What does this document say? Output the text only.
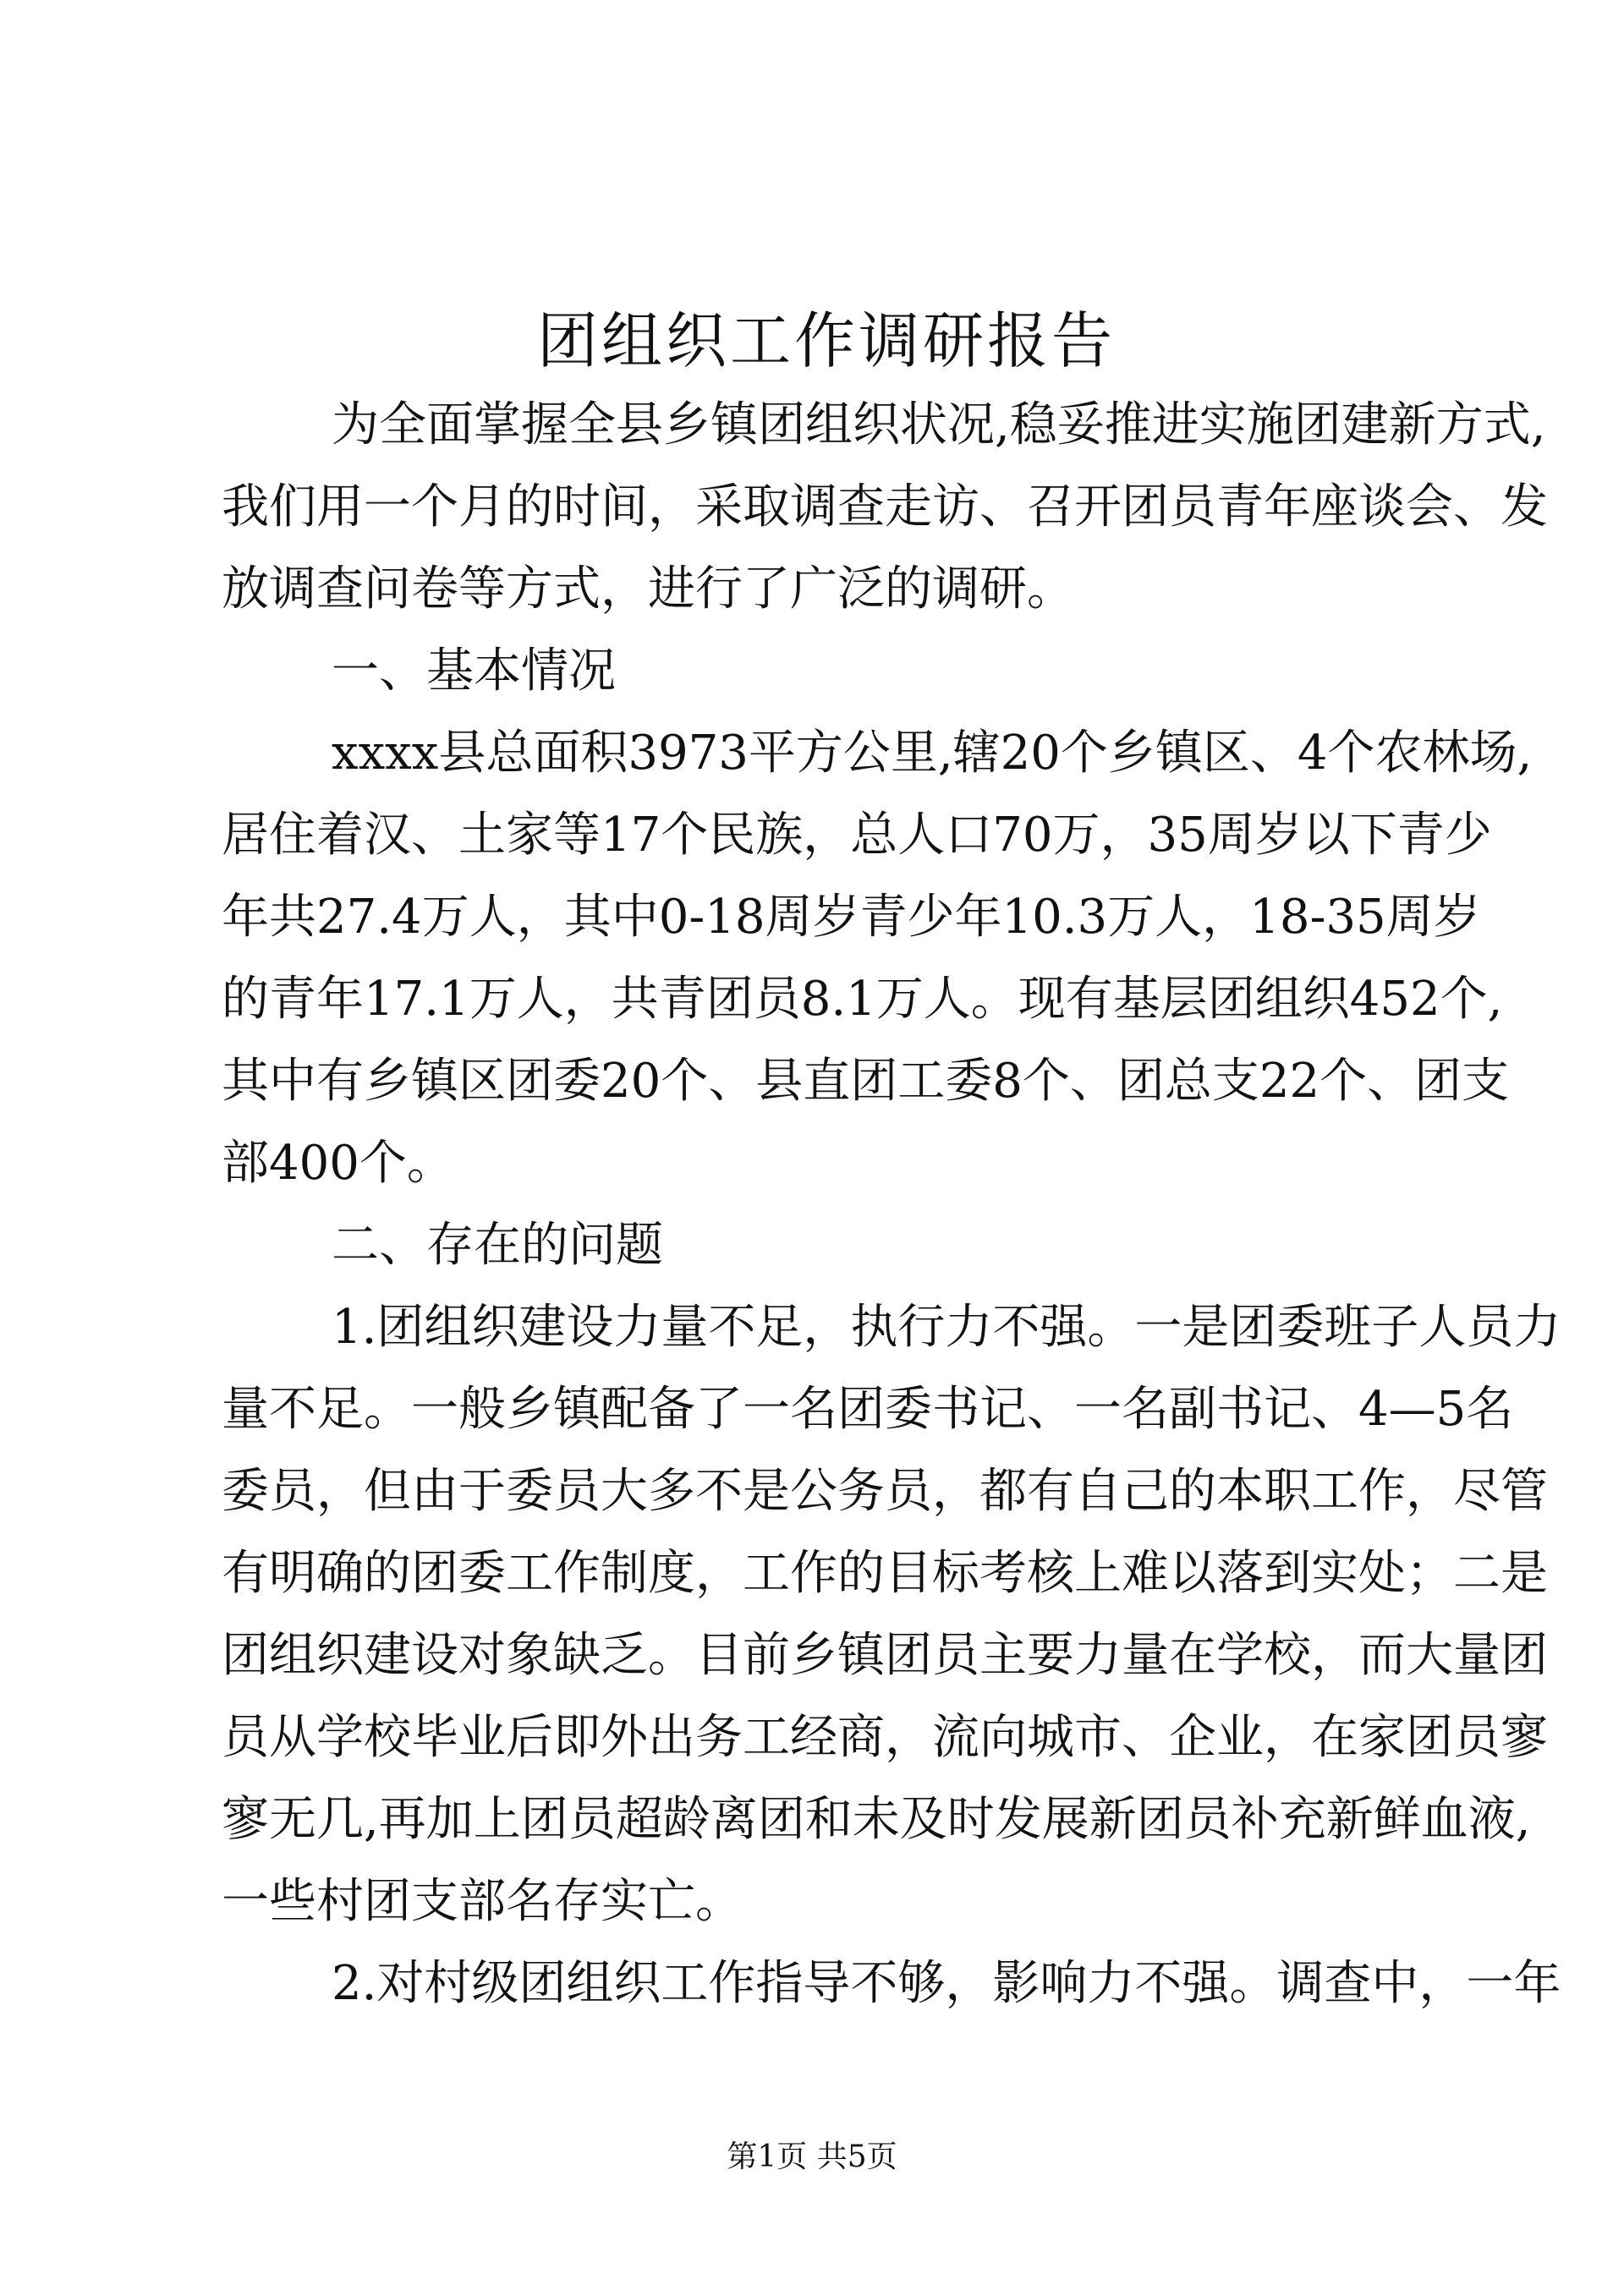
团组织工作调研报告
为全面掌握全县乡镇团组织状况,稳妥推进实施团建新方式,
我们用一个月的时间，采取调查走访、召开团员青年座谈会、发
放调查问卷等方式，进行了广泛的调研。
一、基本情况
xxxx县总面积3973平方公里,辖20个乡镇区、4个农林场,
居住着汉、土家等17个民族，总人口70万，35周岁以下青少
年共27.4万人，其中0-18周岁青少年10.3万人，18-35周岁
的青年17.1万人，共青团员8.1万人。现有基层团组织452个,
其中有乡镇区团委20个、县直团工委8个、团总支22个、团支
部400个。
二、存在的问题
1.团组织建设力量不足，执行力不强。一是团委班子人员力
量不足。一般乡镇配备了一名团委书记、一名副书记、4—5名
委员，但由于委员大多不是公务员，都有自己的本职工作，尽管
有明确的团委工作制度，工作的目标考核上难以落到实处；二是
团组织建设对象缺乏。目前乡镇团员主要力量在学校，而大量团
员从学校毕业后即外出务工经商，流向城市、企业，在家团员寥
寥无几,再加上团员超龄离团和未及时发展新团员补充新鲜血液,
一些村团支部名存实亡。
2.对村级团组织工作指导不够，影响力不强。调查中，一年
第1页 共5页
